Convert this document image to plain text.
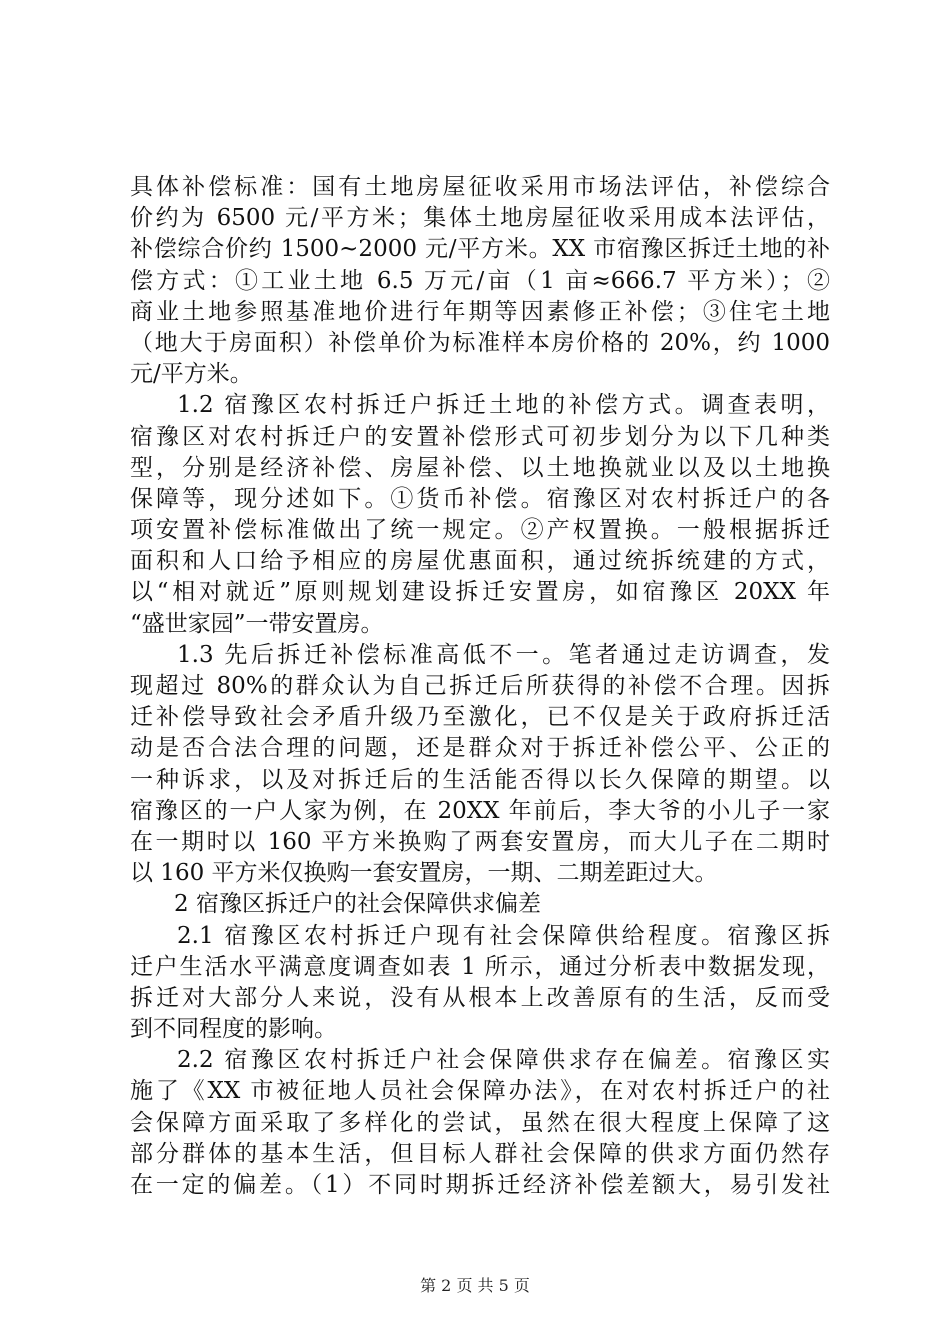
具体补偿标准：国有土地房屋征收采用市场法评估，补偿综合
价约为 6500 元/平方米；集体土地房屋征收采用成本法评估，
补偿综合价约 1500~2000 元/平方米。XX 市宿豫区拆迁土地的补
偿方式：①工业土地 6.5 万元/亩（1 亩≈666.7 平方米）；②
商业土地参照基准地价进行年期等因素修正补偿；③住宅土地
（地大于房面积）补偿单价为标准样本房价格的 20%，约 1000
元/平方米。
1.2 宿豫区农村拆迁户拆迁土地的补偿方式。调查表明，
宿豫区对农村拆迁户的安置补偿形式可初步划分为以下几种类
型，分别是经济补偿、房屋补偿、以土地换就业以及以土地换
保障等，现分述如下。①货币补偿。宿豫区对农村拆迁户的各
项安置补偿标准做出了统一规定。②产权置换。一般根据拆迁
面积和人口给予相应的房屋优惠面积，通过统拆统建的方式，
以“相对就近”原则规划建设拆迁安置房，如宿豫区 20XX 年
“盛世家园”一带安置房。
1.3 先后拆迁补偿标准高低不一。笔者通过走访调查，发
现超过 80%的群众认为自己拆迁后所获得的补偿不合理。因拆
迁补偿导致社会矛盾升级乃至激化，已不仅是关于政府拆迁活
动是否合法合理的问题，还是群众对于拆迁补偿公平、公正的
一种诉求，以及对拆迁后的生活能否得以长久保障的期望。以
宿豫区的一户人家为例，在 20XX 年前后，李大爷的小儿子一家
在一期时以 160 平方米换购了两套安置房，而大儿子在二期时
以 160 平方米仅换购一套安置房，一期、二期差距过大。
2 宿豫区拆迁户的社会保障供求偏差
2.1 宿豫区农村拆迁户现有社会保障供给程度。宿豫区拆
迁户生活水平满意度调查如表 1 所示，通过分析表中数据发现，
拆迁对大部分人来说，没有从根本上改善原有的生活，反而受
到不同程度的影响。
2.2 宿豫区农村拆迁户社会保障供求存在偏差。宿豫区实
施了《XX 市被征地人员社会保障办法》，在对农村拆迁户的社
会保障方面采取了多样化的尝试，虽然在很大程度上保障了这
部分群体的基本生活，但目标人群社会保障的供求方面仍然存
在一定的偏差。（1）不同时期拆迁经济补偿差额大，易引发社
第 2 页 共 5 页
